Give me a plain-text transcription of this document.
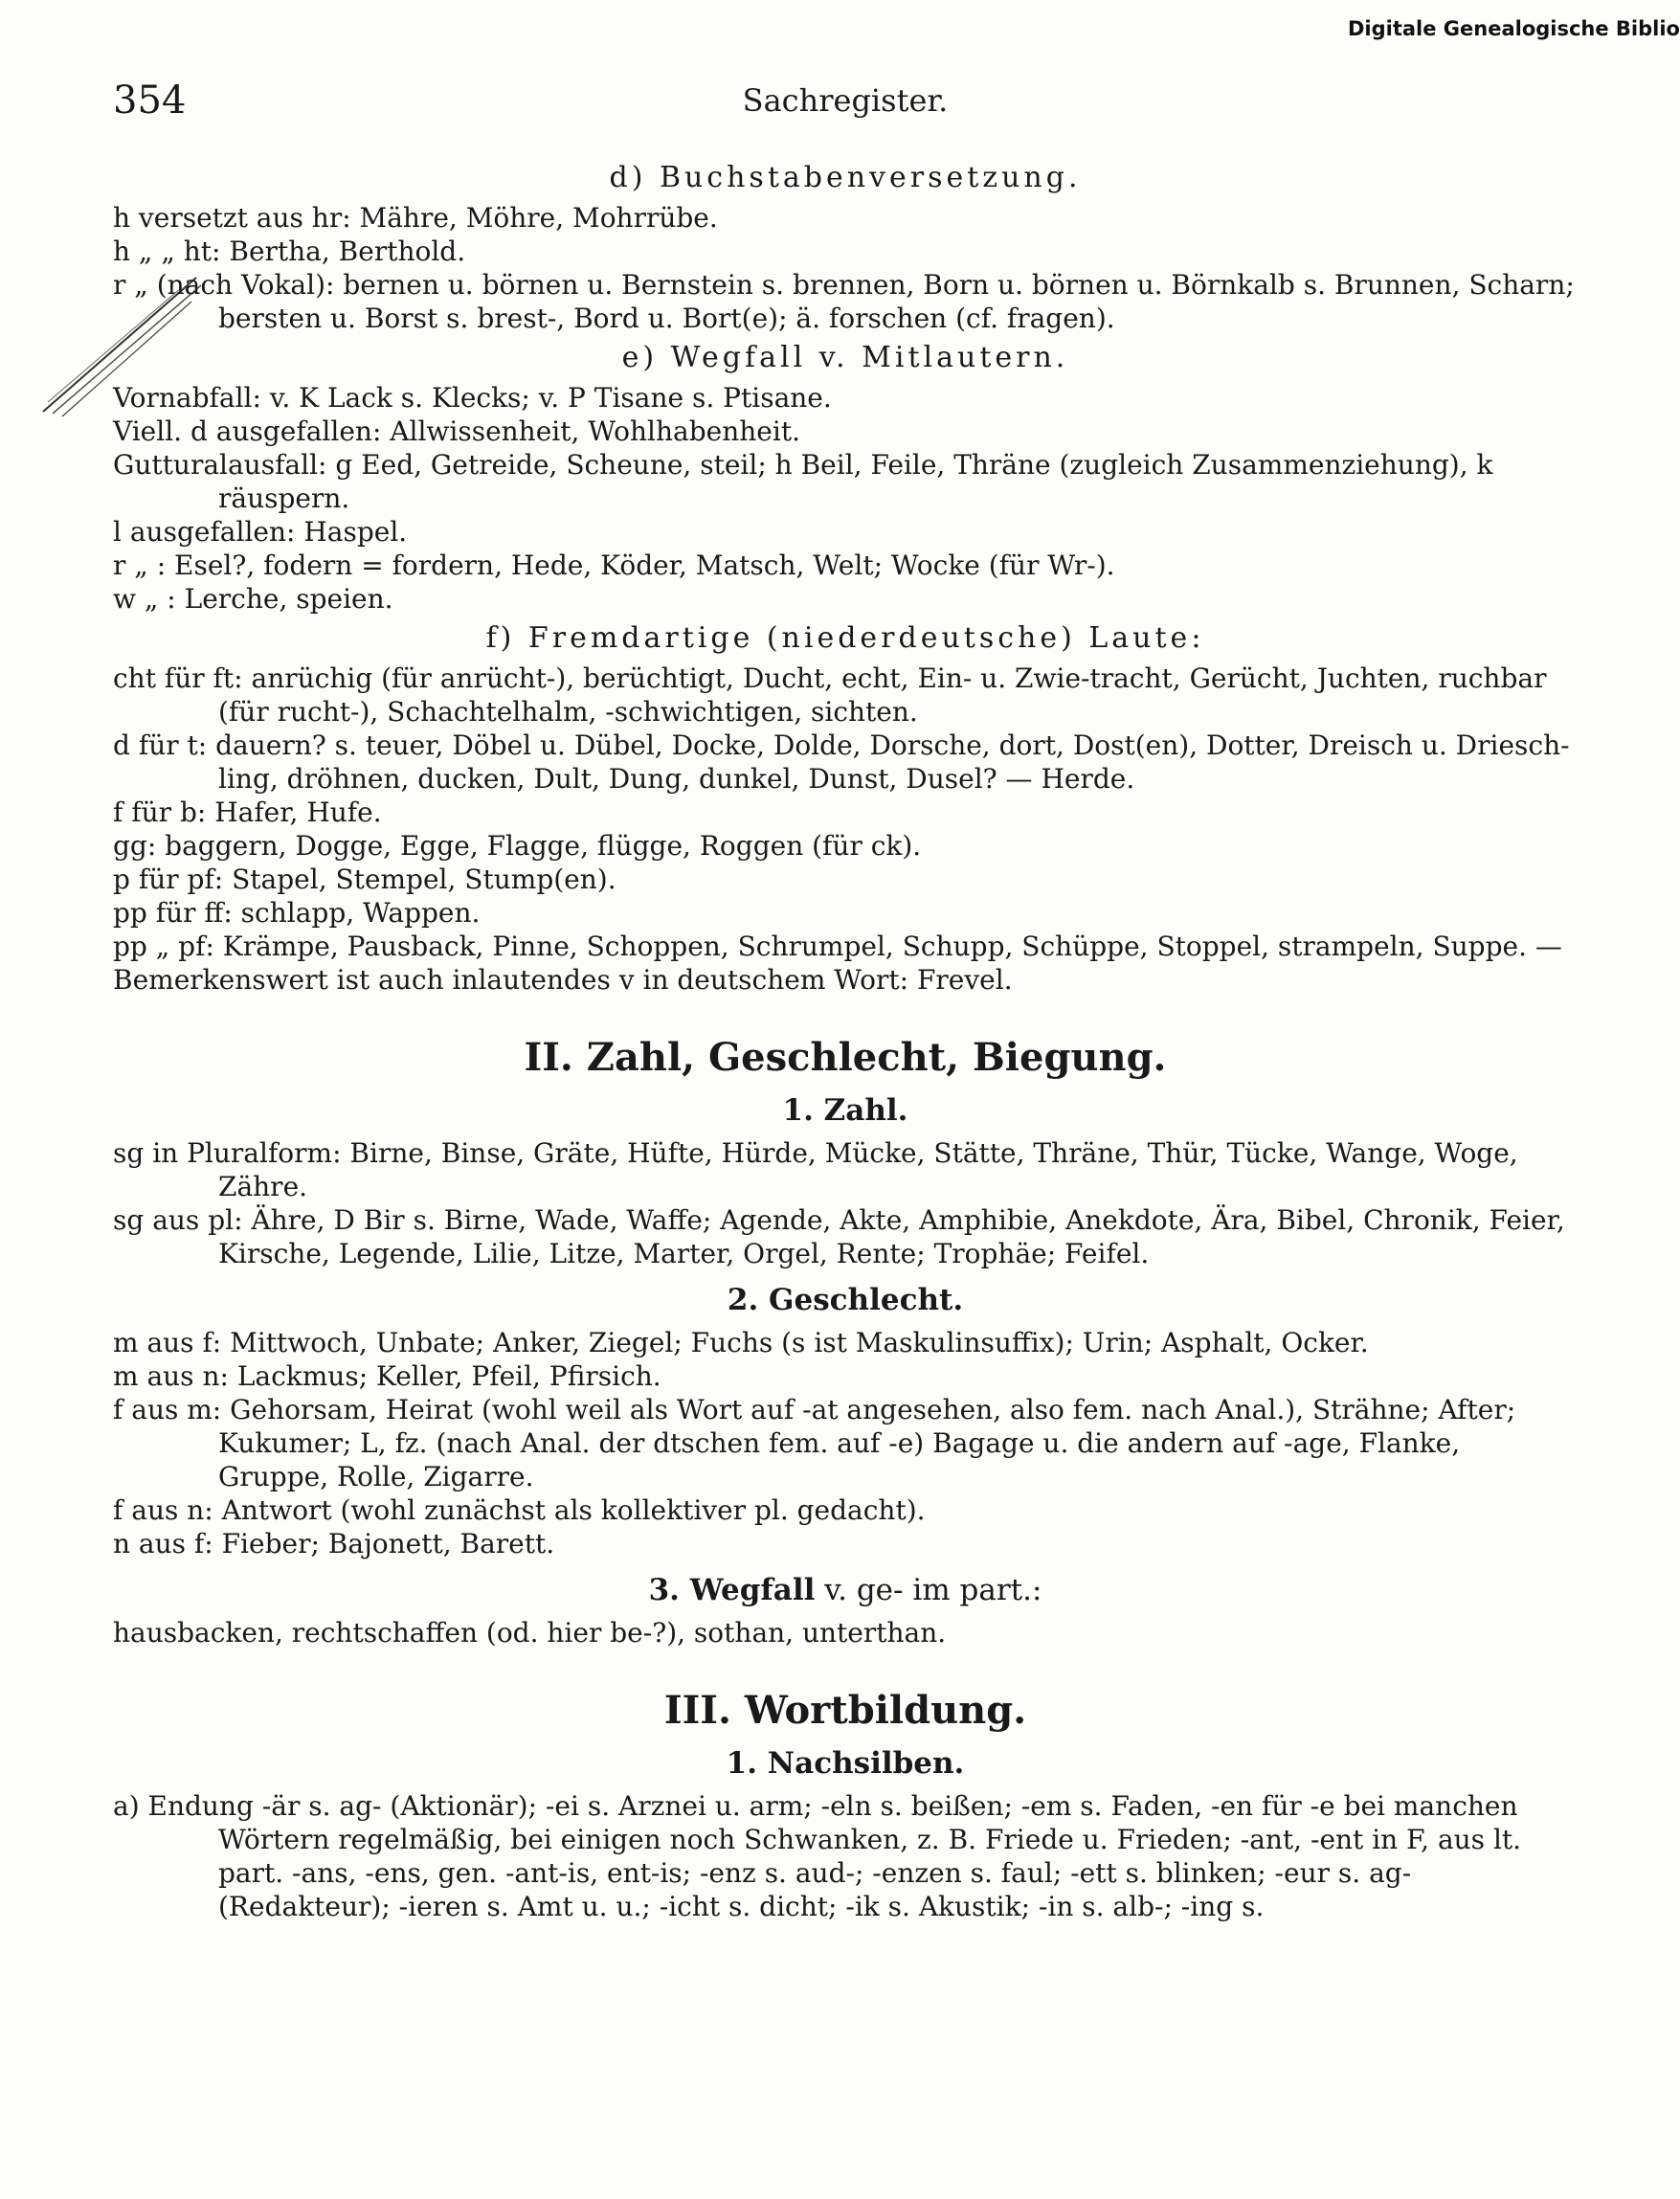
Digitale Genealogische Biblio
354	Sachregister.
d) Buchstabenversetzung.
h versetzt aus hr: Mähre, Möhre, Mohrrübe.
h „ „ ht: Bertha, Berthold.
r „ (nach Vokal): bernen u. börnen u. Bernstein s. brennen, Born u. börnen u. Börnkalb s. Brunnen, Scharn; bersten u. Borst s. brest-, Bord u. Bort(e); ä. forschen (cf. fragen).
e) Wegfall v. Mitlautern.
Vornabfall: v. K Lack s. Klecks; v. P Tisane s. Ptisane.
Viell. d ausgefallen: Allwissenheit, Wohlhabenheit.
Gutturalausfall: g Eed, Getreide, Scheune, steil; h Beil, Feile, Thräne (zugleich Zusammenziehung), k räuspern.
l ausgefallen: Haspel.
r „ : Esel?, fodern = fordern, Hede, Köder, Matsch, Welt; Wocke (für Wr-).
w „ : Lerche, speien.
f) Fremdartige (niederdeutsche) Laute:
cht für ft: anrüchig (für anrücht-), berüchtigt, Ducht, echt, Ein- u. Zwie-tracht, Gerücht, Juchten, ruchbar (für rucht-), Schachtelhalm, -schwichtigen, sichten.
d für t: dauern? s. teuer, Döbel u. Dübel, Docke, Dolde, Dorsche, dort, Dost(en), Dotter, Dreisch u. Driesch-ling, dröhnen, ducken, Dult, Dung, dunkel, Dunst, Dusel? — Herde.
f für b: Hafer, Hufe.
gg: baggern, Dogge, Egge, Flagge, flügge, Roggen (für ck).
p für pf: Stapel, Stempel, Stump(en).
pp für ff: schlapp, Wappen.
pp „ pf: Krämpe, Pausback, Pinne, Schoppen, Schrumpel, Schupp, Schüppe, Stoppel, strampeln, Suppe. —
Bemerkenswert ist auch inlautendes v in deutschem Wort: Frevel.
II. Zahl, Geschlecht, Biegung.
1. Zahl.
sg in Pluralform: Birne, Binse, Gräte, Hüfte, Hürde, Mücke, Stätte, Thräne, Thür, Tücke, Wange, Woge, Zähre.
sg aus pl: Ähre, D Bir s. Birne, Wade, Waffe; Agende, Akte, Amphibie, Anekdote, Ära, Bibel, Chronik, Feier, Kirsche, Legende, Lilie, Litze, Marter, Orgel, Rente; Trophäe; Feifel.
2. Geschlecht.
m aus f: Mittwoch, Unbate; Anker, Ziegel; Fuchs (s ist Maskulinsuffix); Urin; Asphalt, Ocker.
m aus n: Lackmus; Keller, Pfeil, Pfirsich.
f aus m: Gehorsam, Heirat (wohl weil als Wort auf -at angesehen, also fem. nach Anal.), Strähne; After; Kukumer; L, fz. (nach Anal. der dtschen fem. auf -e) Bagage u. die andern auf -age, Flanke, Gruppe, Rolle, Zigarre.
f aus n: Antwort (wohl zunächst als kollektiver pl. gedacht).
n aus f: Fieber; Bajonett, Barett.
3. Wegfall v. ge- im part.:
hausbacken, rechtschaffen (od. hier be-?), sothan, unterthan.
III. Wortbildung.
1. Nachsilben.
a) Endung -är s. ag- (Aktionär); -ei s. Arznei u. arm; -eln s. beißen; -em s. Faden, -en für -e bei manchen Wörtern regelmäßig, bei einigen noch Schwanken, z. B. Friede u. Frieden; -ant, -ent in F, aus lt. part. -ans, -ens, gen. -ant-is, ent-is; -enz s. aud-; -enzen s. faul; -ett s. blinken; -eur s. ag- (Redakteur); -ieren s. Amt u. u.; -icht s. dicht; -ik s. Akustik; -in s. alb-; -ing s.
